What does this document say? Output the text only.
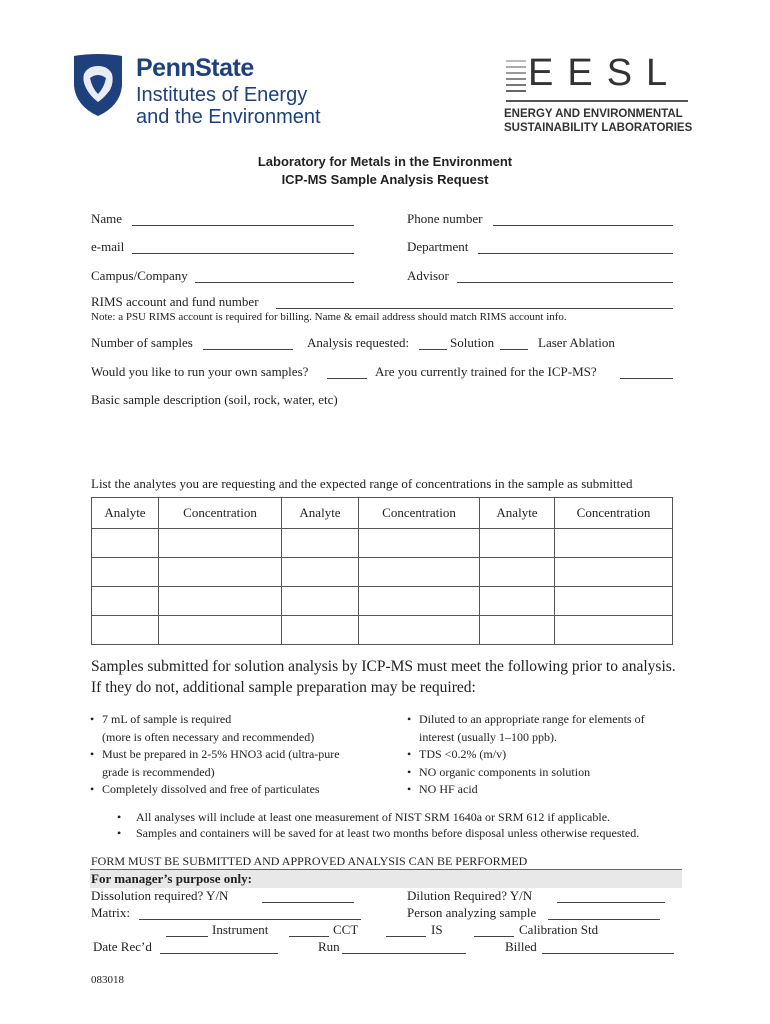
PennState
Institutes of Energy
and the Environment
EESL
ENERGY AND ENVIRONMENTAL
SUSTAINABILITY LABORATORIES
Laboratory for Metals in the Environment
ICP-MS Sample Analysis Request
Name	Phone number
e-mail	Department
Campus/Company	Advisor
RIMS account and fund number
Note: a PSU RIMS account is required for billing. Name & email address should match RIMS account info.
Number of samples	Analysis requested:	Solution	Laser Ablation
Would you like to run your own samples?	Are you currently trained for the ICP-MS?
Basic sample description (soil, rock, water, etc)
List the analytes you are requesting and the expected range of concentrations in the sample as submitted
Analyte	Concentration	Analyte	Concentration	Analyte	Concentration

Samples submitted for solution analysis by ICP-MS must meet the following prior to analysis. If they do not, additional sample preparation may be required:
• 7 mL of sample is required
(more is often necessary and recommended)
• Must be prepared in 2-5% HNO3 acid (ultra-pure
grade is recommended)
• Completely dissolved and free of particulates
• Diluted to an appropriate range for elements of
interest (usually 1–100 ppb).
• TDS <0.2% (m/v)
• NO organic components in solution
• NO HF acid
• All analyses will include at least one measurement of NIST SRM 1640a or SRM 612 if applicable.
• Samples and containers will be saved for at least two months before disposal unless otherwise requested.
FORM MUST BE SUBMITTED AND APPROVED ANALYSIS CAN BE PERFORMED
For manager’s purpose only:
Dissolution required? Y/N	Dilution Required? Y/N
Matrix:	Person analyzing sample
Instrument	CCT	IS	Calibration Std
Date Rec’d	Run	Billed
083018
